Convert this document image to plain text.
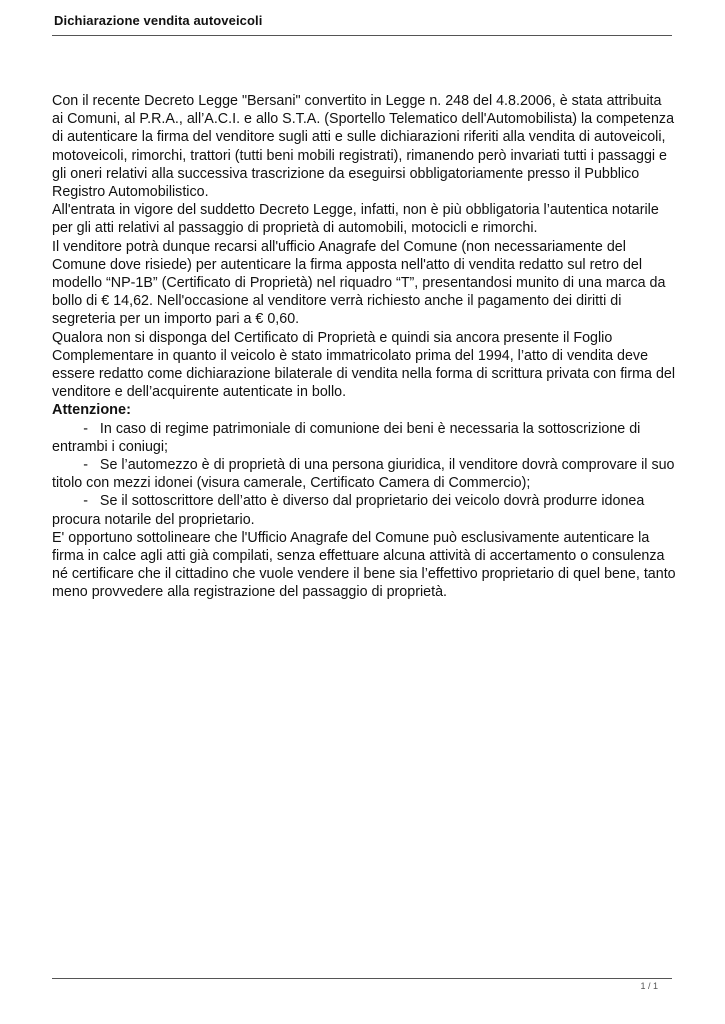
Dichiarazione vendita autoveicoli

Con il recente Decreto Legge "Bersani" convertito in Legge n. 248 del 4.8.2006, è stata attribuita ai Comuni, al P.R.A., all’A.C.I. e allo S.T.A. (Sportello Telematico dell'Automobilista) la competenza di autenticare la firma del venditore sugli atti e sulle dichiarazioni riferiti alla vendita di autoveicoli, motoveicoli, rimorchi, trattori (tutti beni mobili registrati), rimanendo però invariati tutti i passaggi e gli oneri relativi alla successiva trascrizione da eseguirsi obbligatoriamente presso il Pubblico Registro Automobilistico.

All'entrata in vigore del suddetto Decreto Legge, infatti, non è più obbligatoria l’autentica notarile per gli atti relativi al passaggio di proprietà di automobili, motocicli e rimorchi.

Il venditore potrà dunque recarsi all'ufficio Anagrafe del Comune (non necessariamente del Comune dove risiede) per autenticare la firma apposta nell'atto di vendita redatto sul retro del modello “NP-1B” (Certificato di Proprietà) nel riquadro “T”, presentandosi munito di una marca da bollo di € 14,62. Nell'occasione al venditore verrà richiesto anche il pagamento dei diritti di segreteria per un importo pari a € 0,60.

Qualora non si disponga del Certificato di Proprietà e quindi sia ancora presente il Foglio Complementare in quanto il veicolo è stato immatricolato prima del 1994, l’atto di vendita deve essere redatto come dichiarazione bilaterale di vendita nella forma di scrittura privata con firma del venditore e dell’acquirente autenticate in bollo.

Attenzione:

- In caso di regime patrimoniale di comunione dei beni è necessaria la sottoscrizione di entrambi i coniugi;

- Se l’automezzo è di proprietà di una persona giuridica, il venditore dovrà comprovare il suo titolo con mezzi idonei (visura camerale, Certificato Camera di Commercio);

- Se il sottoscrittore dell’atto è diverso dal proprietario dei veicolo dovrà produrre idonea procura notarile del proprietario.

E' opportuno sottolineare che l'Ufficio Anagrafe del Comune può esclusivamente autenticare la firma in calce agli atti già compilati, senza effettuare alcuna attività di accertamento o consulenza né certificare che il cittadino che vuole vendere il bene sia l’effettivo proprietario di quel bene, tanto meno provvedere alla registrazione del passaggio di proprietà.

1 / 1
